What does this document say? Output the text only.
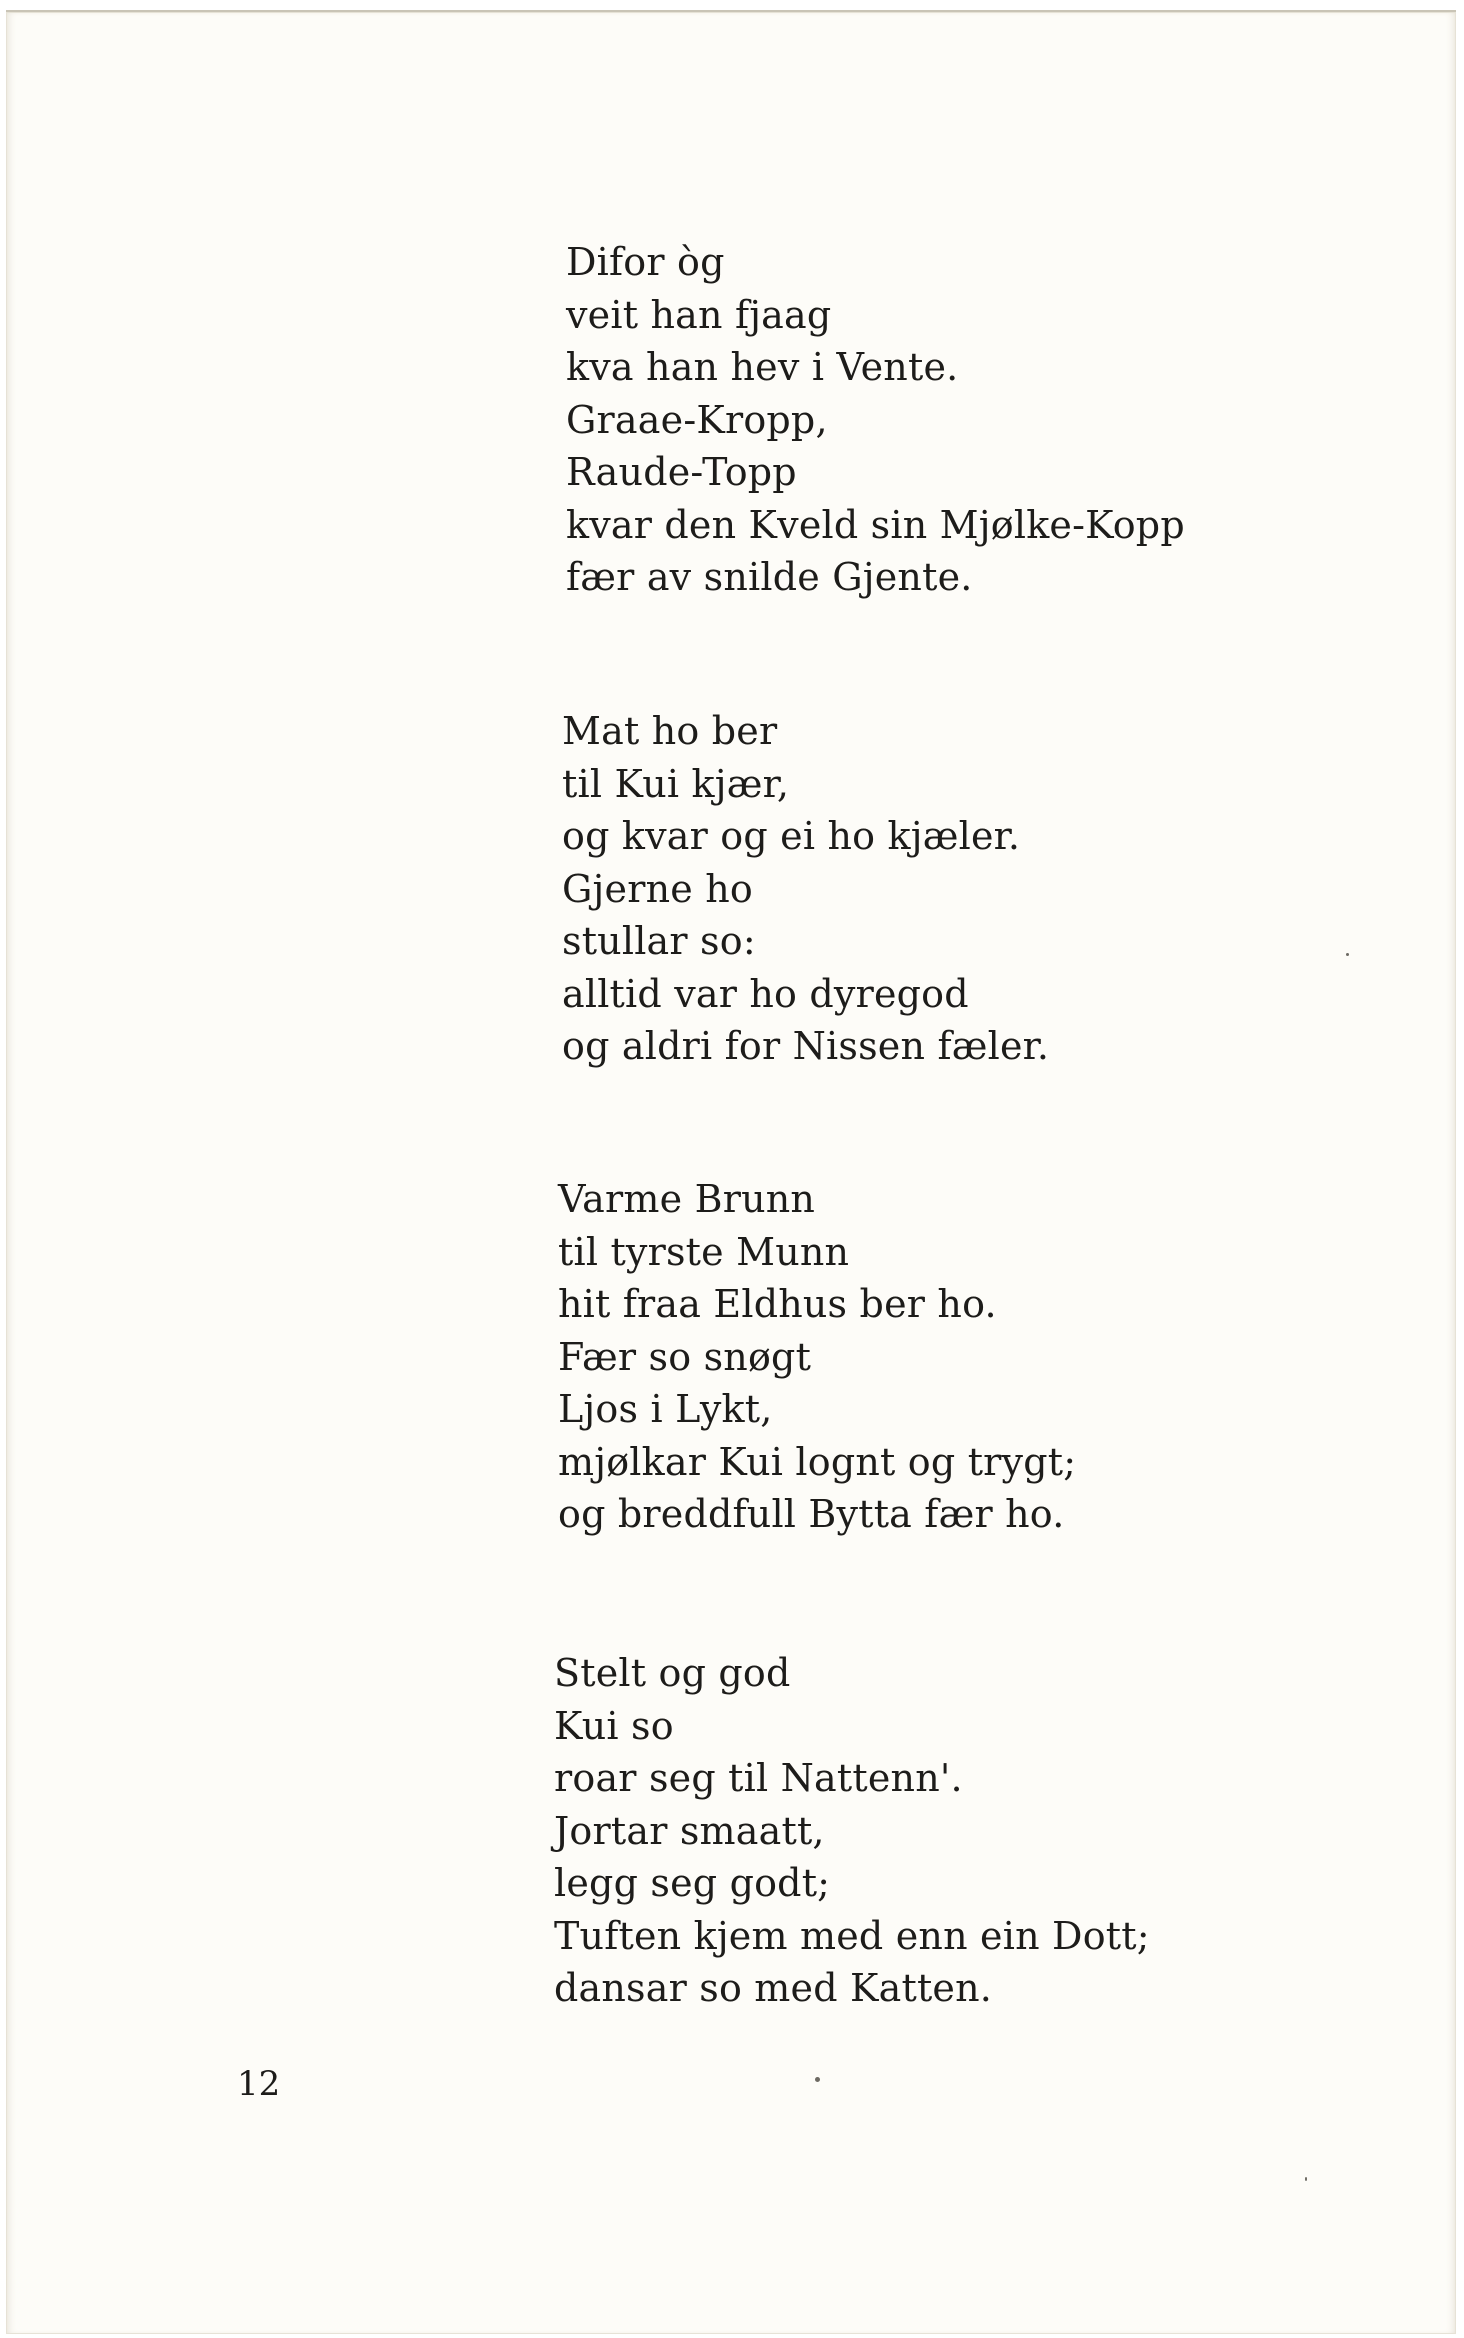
Difor òg
veit han fjaag
kva han hev i Vente.
Graae-Kropp,
Raude-Topp
kvar den Kveld sin Mjølke-Kopp
fær av snilde Gjente.
Mat ho ber
til Kui kjær,
og kvar og ei ho kjæler.
Gjerne ho
stullar so:
alltid var ho dyregod
og aldri for Nissen fæler.
Varme Brunn
til tyrste Munn
hit fraa Eldhus ber ho.
Fær so snøgt
Ljos i Lykt,
mjølkar Kui lognt og trygt;
og breddfull Bytta fær ho.
Stelt og god
Kui so
roar seg til Nattenn'.
Jortar smaatt,
legg seg godt;
Tuften kjem med enn ein Dott;
dansar so med Katten.
12
